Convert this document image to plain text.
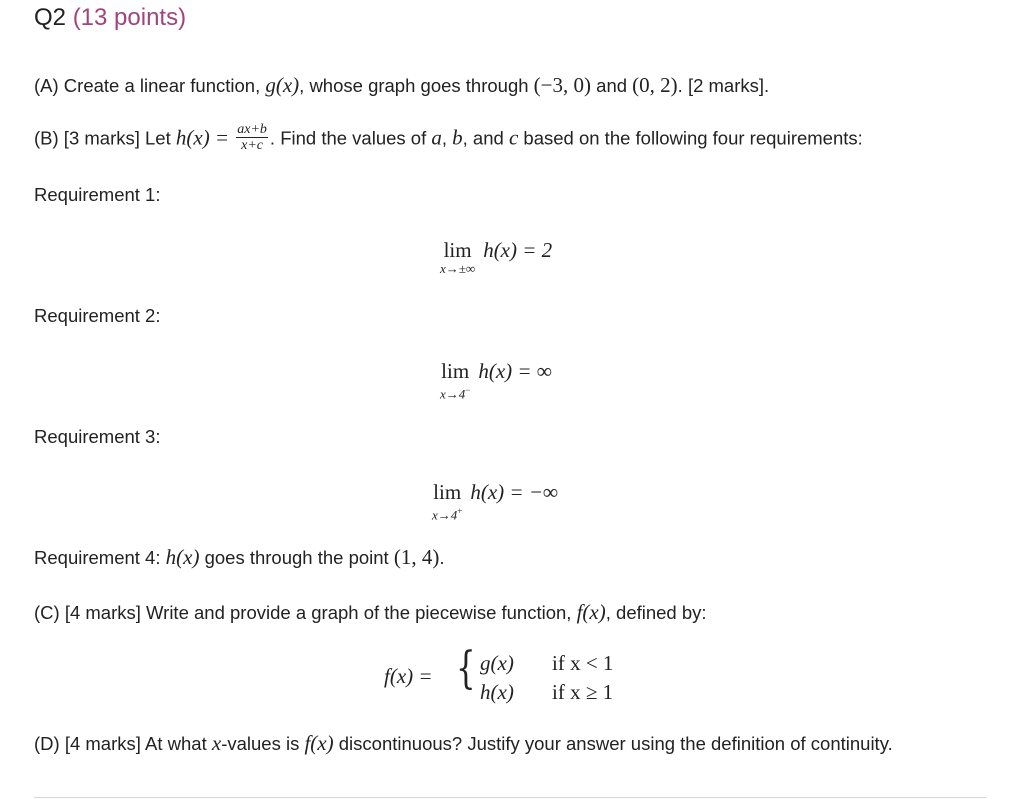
Q2 (13 points)
(A) Create a linear function, g(x), whose graph goes through (−3, 0) and (0, 2). [2 marks].
(B) [3 marks] Let $h(x) = \frac{ax+b}{x+c}$ . Find the values of a, b, and c based on the following four requirements:
Requirement 1:
lim
x→±∞
h(x) = 2
Requirement 2:
lim
x→4−
h(x) = ∞
Requirement 3:
lim
x→4+
h(x) = −∞
Requirement 4: h(x) goes through the point (1, 4).
(C) [4 marks] Write and provide a graph of the piecewise function, f(x), defined by:
f(x) = { g(x) if x < 1
h(x) if x ≥ 1
(D) [4 marks] At what x-values is f(x) discontinuous? Justify your answer using the definition of continuity.
